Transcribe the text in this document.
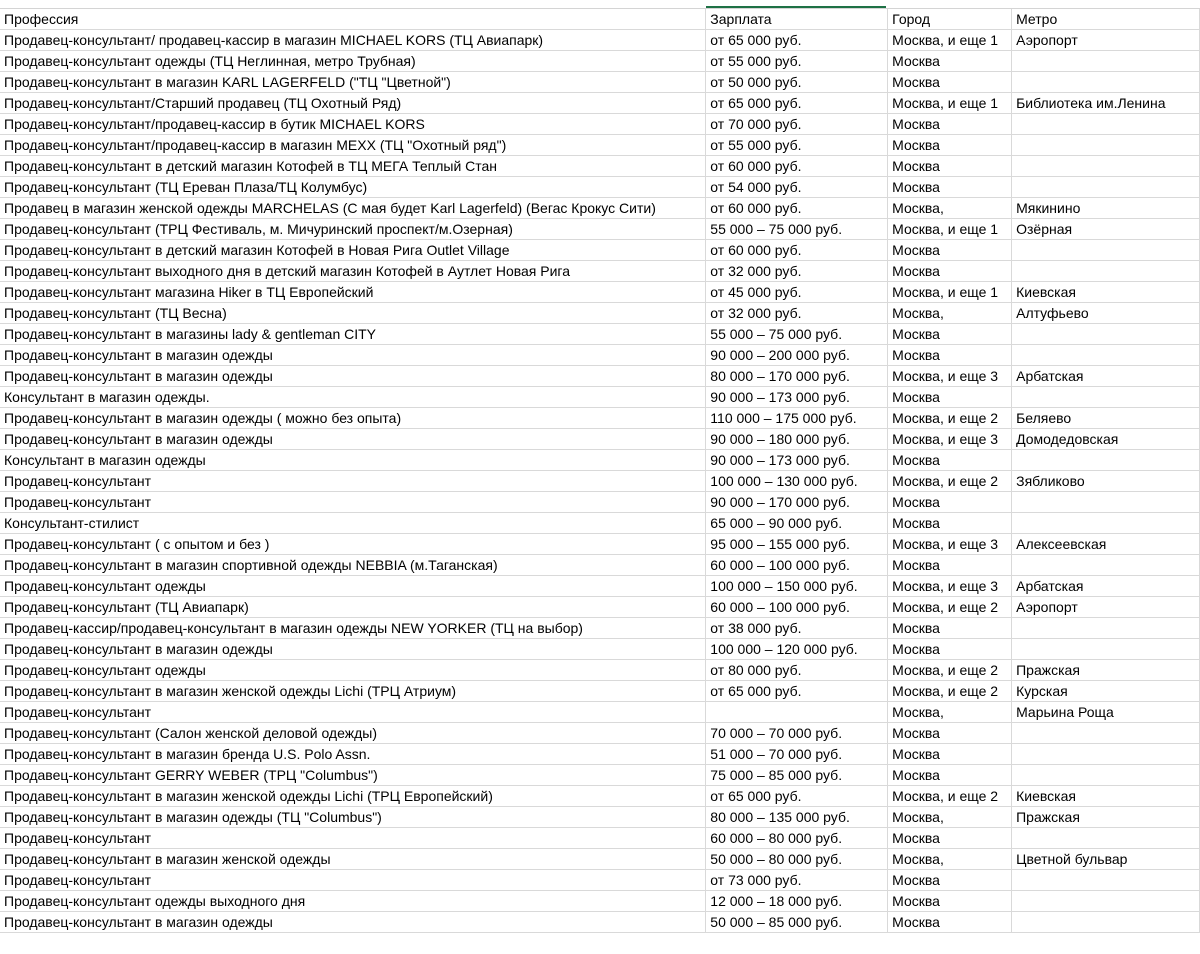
Профессия	Зарплата	Город	Метро
Продавец-консультант/ продавец-кассир в магазин MICHAEL KORS (ТЦ Авиапарк)	от 65 000 руб.	Москва, и еще 1	Аэропорт
Продавец-консультант одежды (ТЦ Неглинная, метро Трубная)	от 55 000 руб.	Москва	
Продавец-консультант в магазин KARL LAGERFELD ("ТЦ "Цветной")	от 50 000 руб.	Москва	
Продавец-консультант/Старший продавец (ТЦ Охотный Ряд)	от 65 000 руб.	Москва, и еще 1	Библиотека им.Ленина
Продавец-консультант/продавец-кассир в бутик MICHAEL KORS	от 70 000 руб.	Москва	
Продавец-консультант/продавец-кассир в магазин MEXX (ТЦ "Охотный ряд")	от 55 000 руб.	Москва	
Продавец-консультант в детский магазин Котофей в ТЦ МЕГА Теплый Стан	от 60 000 руб.	Москва	
Продавец-консультант (ТЦ Ереван Плаза/ТЦ Колумбус)	от 54 000 руб.	Москва	
Продавец в магазин женской одежды MARCHELAS (С мая будет Karl Lagerfeld) (Вегас Крокус Сити)	от 60 000 руб.	Москва,	Мякинино
Продавец-консультант (ТРЦ Фестиваль, м. Мичуринский проспект/м.Озерная)	55 000 – 75 000 руб.	Москва, и еще 1	Озёрная
Продавец-консультант в детский магазин Котофей в Новая Рига Outlet Village	от 60 000 руб.	Москва	
Продавец-консультант выходного дня в детский магазин Котофей в Аутлет Новая Рига	от 32 000 руб.	Москва	
Продавец-консультант магазина Hiker в ТЦ Европейский	от 45 000 руб.	Москва, и еще 1	Киевская
Продавец-консультант (ТЦ Весна)	от 32 000 руб.	Москва,	Алтуфьево
Продавец-консультант в магазины lady & gentleman CITY	55 000 – 75 000 руб.	Москва	
Продавец-консультант в магазин одежды	90 000 – 200 000 руб.	Москва	
Продавец-консультант в магазин одежды	80 000 – 170 000 руб.	Москва, и еще 3	Арбатская
Консультант в магазин одежды.	90 000 – 173 000 руб.	Москва	
Продавец-консультант в магазин одежды ( можно без опыта)	110 000 – 175 000 руб.	Москва, и еще 2	Беляево
Продавец-консультант в магазин одежды	90 000 – 180 000 руб.	Москва, и еще 3	Домодедовская
Консультант в магазин одежды	90 000 – 173 000 руб.	Москва	
Продавец-консультант	100 000 – 130 000 руб.	Москва, и еще 2	Зябликово
Продавец-консультант	90 000 – 170 000 руб.	Москва	
Консультант-стилист	65 000 – 90 000 руб.	Москва	
Продавец-консультант ( с опытом и без )	95 000 – 155 000 руб.	Москва, и еще 3	Алексеевская
Продавец-консультант в магазин спортивной одежды NEBBIA (м.Таганская)	60 000 – 100 000 руб.	Москва	
Продавец-консультант одежды	100 000 – 150 000 руб.	Москва, и еще 3	Арбатская
Продавец-консультант (ТЦ Авиапарк)	60 000 – 100 000 руб.	Москва, и еще 2	Аэропорт
Продавец-кассир/продавец-консультант в магазин одежды NEW YORKER (ТЦ на выбор)	от 38 000 руб.	Москва	
Продавец-консультант в магазин одежды	100 000 – 120 000 руб.	Москва	
Продавец-консультант одежды	от 80 000 руб.	Москва, и еще 2	Пражская
Продавец-консультант в магазин женской одежды Lichi (ТРЦ Атриум)	от 65 000 руб.	Москва, и еще 2	Курская
Продавец-консультант		Москва,	Марьина Роща
Продавец-консультант (Салон женской деловой одежды)	70 000 – 70 000 руб.	Москва	
Продавец-консультант в магазин бренда U.S. Polo Assn.	51 000 – 70 000 руб.	Москва	
Продавец-консультант GERRY WEBER (ТРЦ "Columbus")	75 000 – 85 000 руб.	Москва	
Продавец-консультант в магазин женской одежды Lichi (ТРЦ Европейский)	от 65 000 руб.	Москва, и еще 2	Киевская
Продавец-консультант в магазин одежды (ТЦ "Columbus")	80 000 – 135 000 руб.	Москва,	Пражская
Продавец-консультант	60 000 – 80 000 руб.	Москва	
Продавец-консультант в магазин женской одежды	50 000 – 80 000 руб.	Москва,	Цветной бульвар
Продавец-консультант	от 73 000 руб.	Москва	
Продавец-консультант одежды выходного дня	12 000 – 18 000 руб.	Москва	
Продавец-консультант в магазин одежды	50 000 – 85 000 руб.	Москва	
